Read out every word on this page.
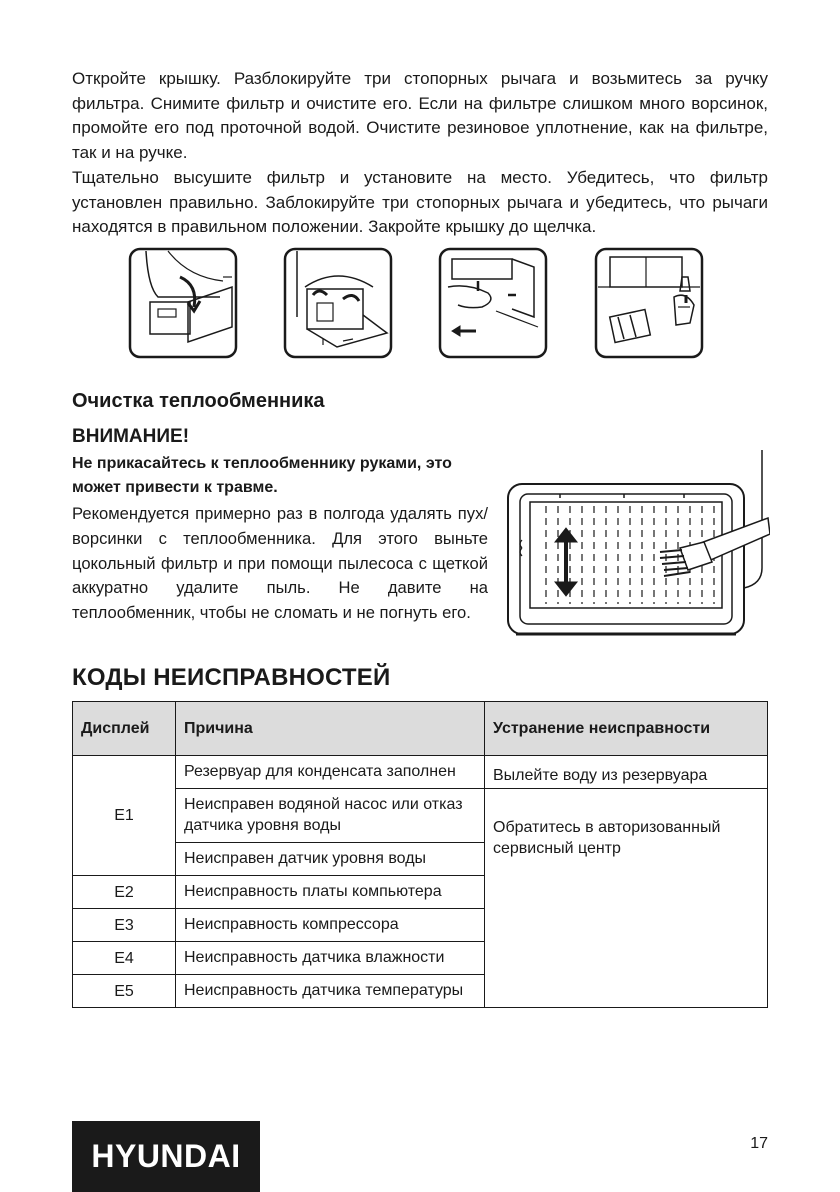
Откройте крышку. Разблокируйте три стопорных рычага и возьмитесь за ручку фильтра. Снимите фильтр и очистите его. Если на фильтре слишком много ворсинок, промойте его под проточной водой. Очистите резиновое уплотнение, как на фильтре, так и на ручке.

Тщательно высушите фильтр и установите на место. Убедитесь, что фильтр установлен правильно. Заблокируйте три стопорных рычага и убедитесь, что рычаги находятся в правильном положении. Закройте крышку до щелчка.

Очистка теплообменника
ВНИМАНИЕ!

Не прикасайтесь к теплообменнику руками, это может привести к травме.

Рекомендуется примерно раз в полгода удалять пух/ворсинки с теплообменника. Для этого выньте цокольный фильтр и при помощи пылесоса с щеткой аккуратно удалите пыль. Не давите на теплообменник, чтобы не сломать и не погнуть его.

КОДЫ НЕИСПРАВНОСТЕЙ
Дисплей	Причина	Устранение неисправности
E1	Резервуар для конденсата заполнен	Вылейте воду из резервуара
	Неисправен водяной насос или отказ датчика уровня воды	Обратитесь в авторизованный сервисный центр
	Неисправен датчик уровня воды	
E2	Неисправность платы компьютера	
E3	Неисправность компрессора	
E4	Неисправность датчика влажности	
E5	Неисправность датчика температуры	
HYUNDAI	17
